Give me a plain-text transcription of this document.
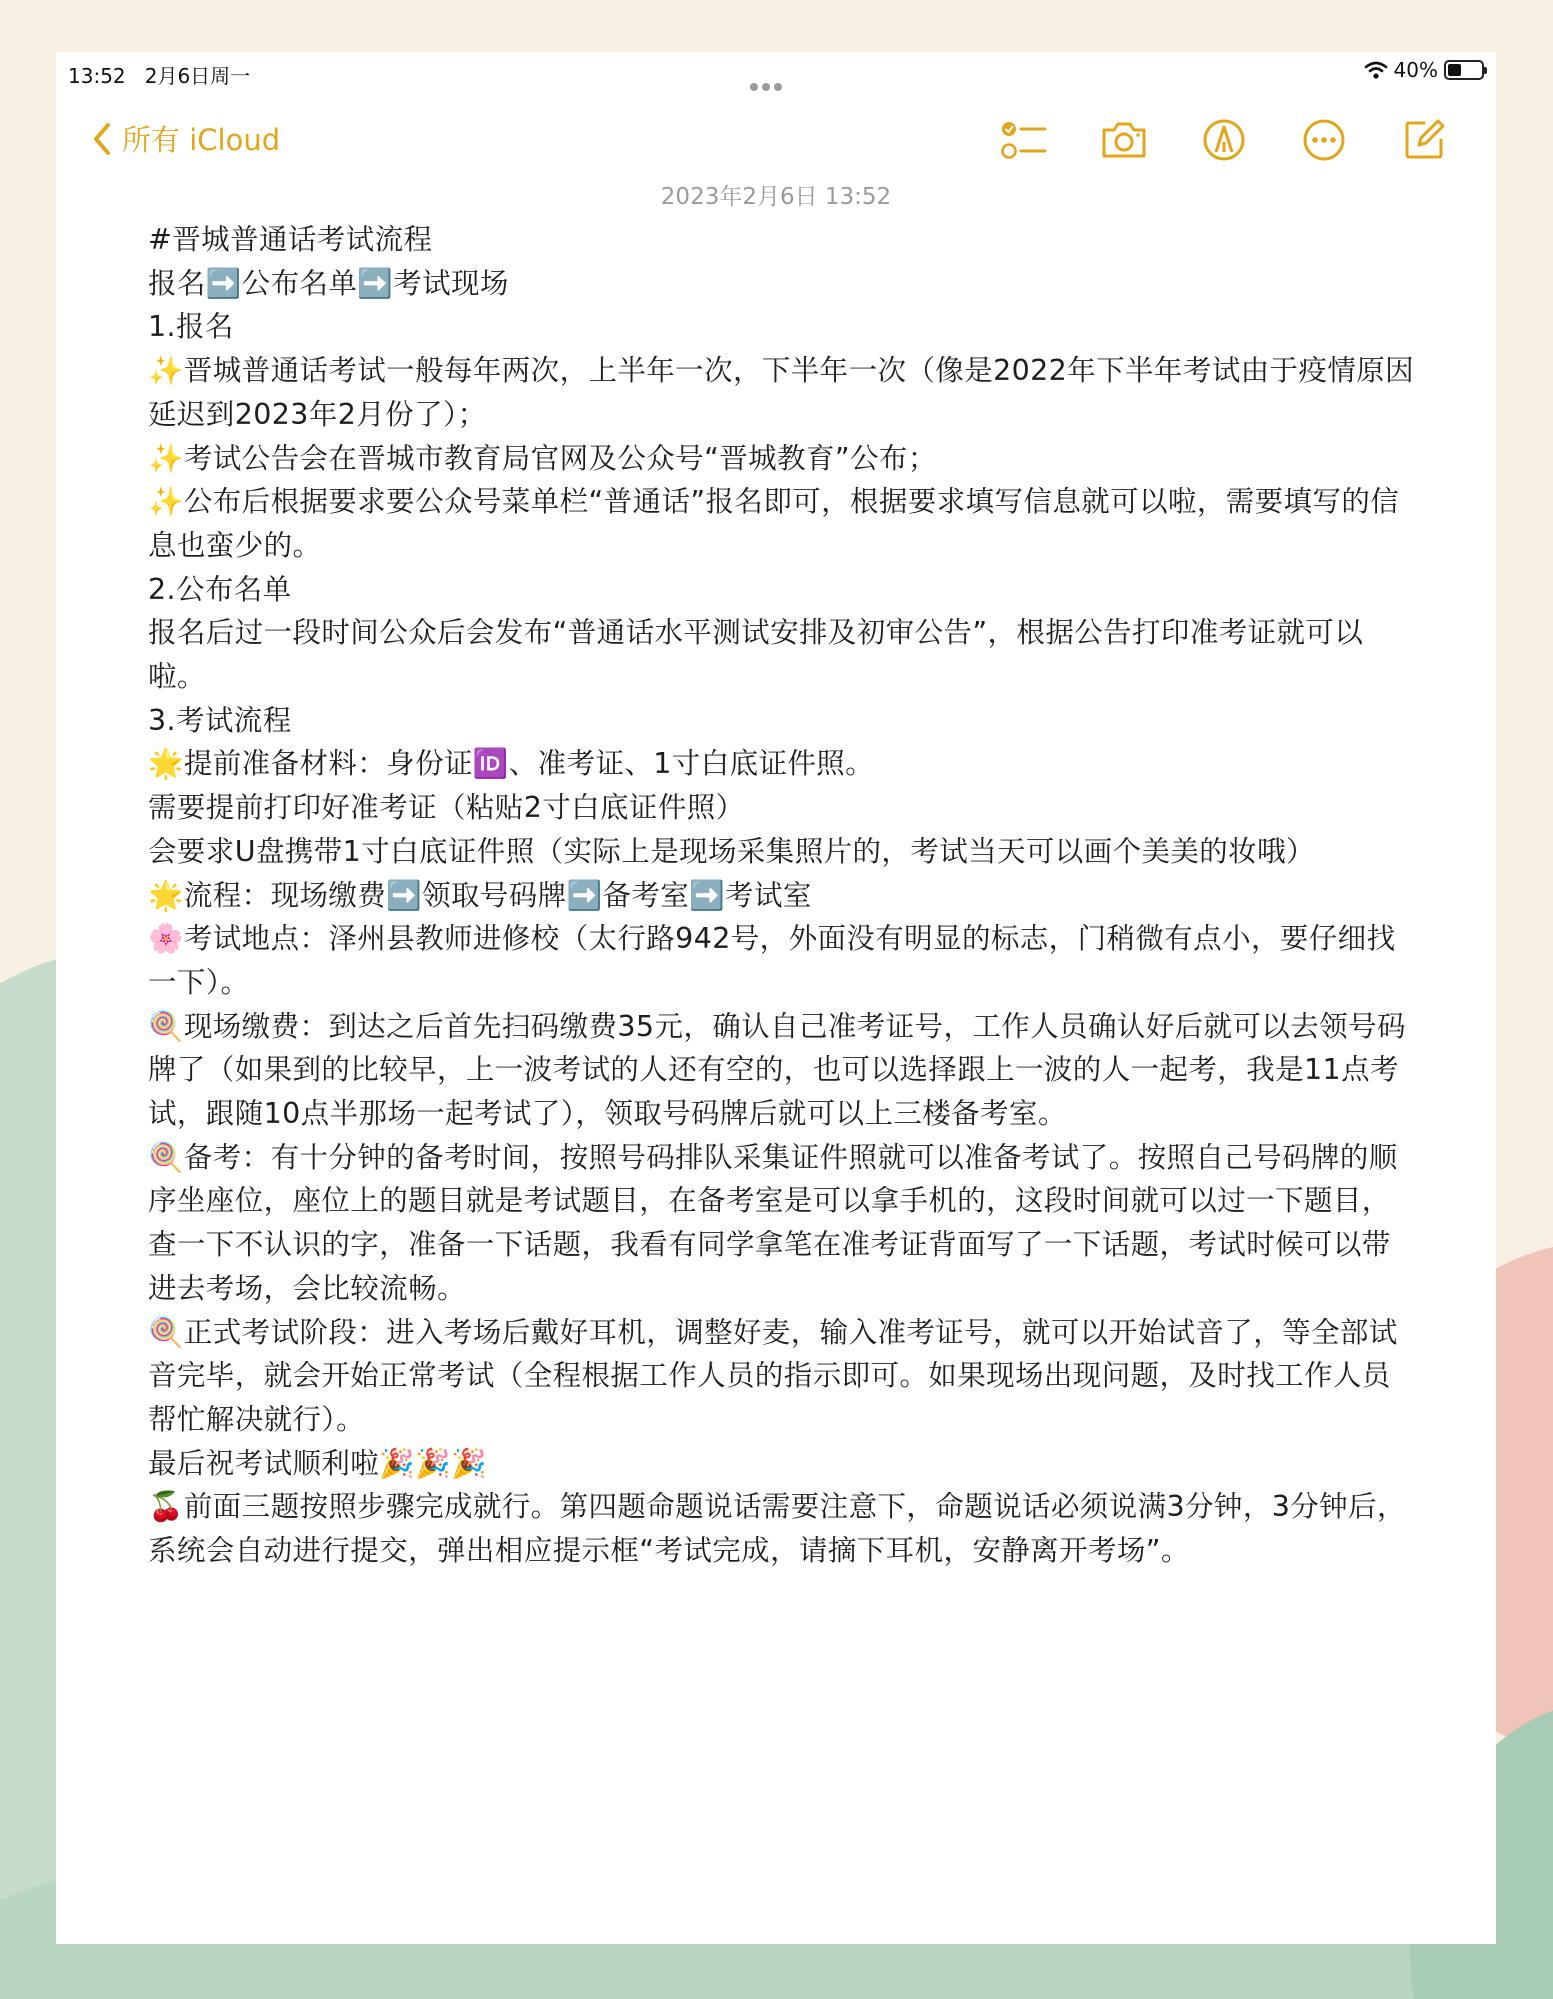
13:52 2月6日周一	40%
所有 iCloud
2023年2月6日 13:52

#晋城普通话考试流程

报名➡️公布名单➡️考试现场

1.报名

✨晋城普通话考试一般每年两次，上半年一次，下半年一次（像是2022年下半年考试由于疫情原因延迟到2023年2月份了）；

✨考试公告会在晋城市教育局官网及公众号“晋城教育”公布；

✨公布后根据要求要公众号菜单栏“普通话”报名即可，根据要求填写信息就可以啦，需要填写的信息也蛮少的。

2.公布名单

报名后过一段时间公众后会发布“普通话水平测试安排及初审公告”，根据公告打印准考证就可以啦。

3.考试流程

🌟提前准备材料：身份证🆔、准考证、1寸白底证件照。

需要提前打印好准考证（粘贴2寸白底证件照）

会要求U盘携带1寸白底证件照（实际上是现场采集照片的，考试当天可以画个美美的妆哦）

🌟流程：现场缴费➡️领取号码牌➡️备考室➡️考试室

🌸考试地点：泽州县教师进修校（太行路942号，外面没有明显的标志，门稍微有点小，要仔细找一下）。

🍭现场缴费：到达之后首先扫码缴费35元，确认自己准考证号，工作人员确认好后就可以去领号码牌了（如果到的比较早，上一波考试的人还有空的，也可以选择跟上一波的人一起考，我是11点考试，跟随10点半那场一起考试了），领取号码牌后就可以上三楼备考室。

🍭备考：有十分钟的备考时间，按照号码排队采集证件照就可以准备考试了。按照自己号码牌的顺序坐座位，座位上的题目就是考试题目，在备考室是可以拿手机的，这段时间就可以过一下题目，查一下不认识的字，准备一下话题，我看有同学拿笔在准考证背面写了一下话题，考试时候可以带进去考场，会比较流畅。

🍭正式考试阶段：进入考场后戴好耳机，调整好麦，输入准考证号，就可以开始试音了，等全部试音完毕，就会开始正常考试（全程根据工作人员的指示即可。如果现场出现问题，及时找工作人员帮忙解决就行）。

最后祝考试顺利啦🎉🎉🎉

🍒前面三题按照步骤完成就行。第四题命题说话需要注意下，命题说话必须说满3分钟，3分钟后，系统会自动进行提交，弹出相应提示框“考试完成，请摘下耳机，安静离开考场”。
